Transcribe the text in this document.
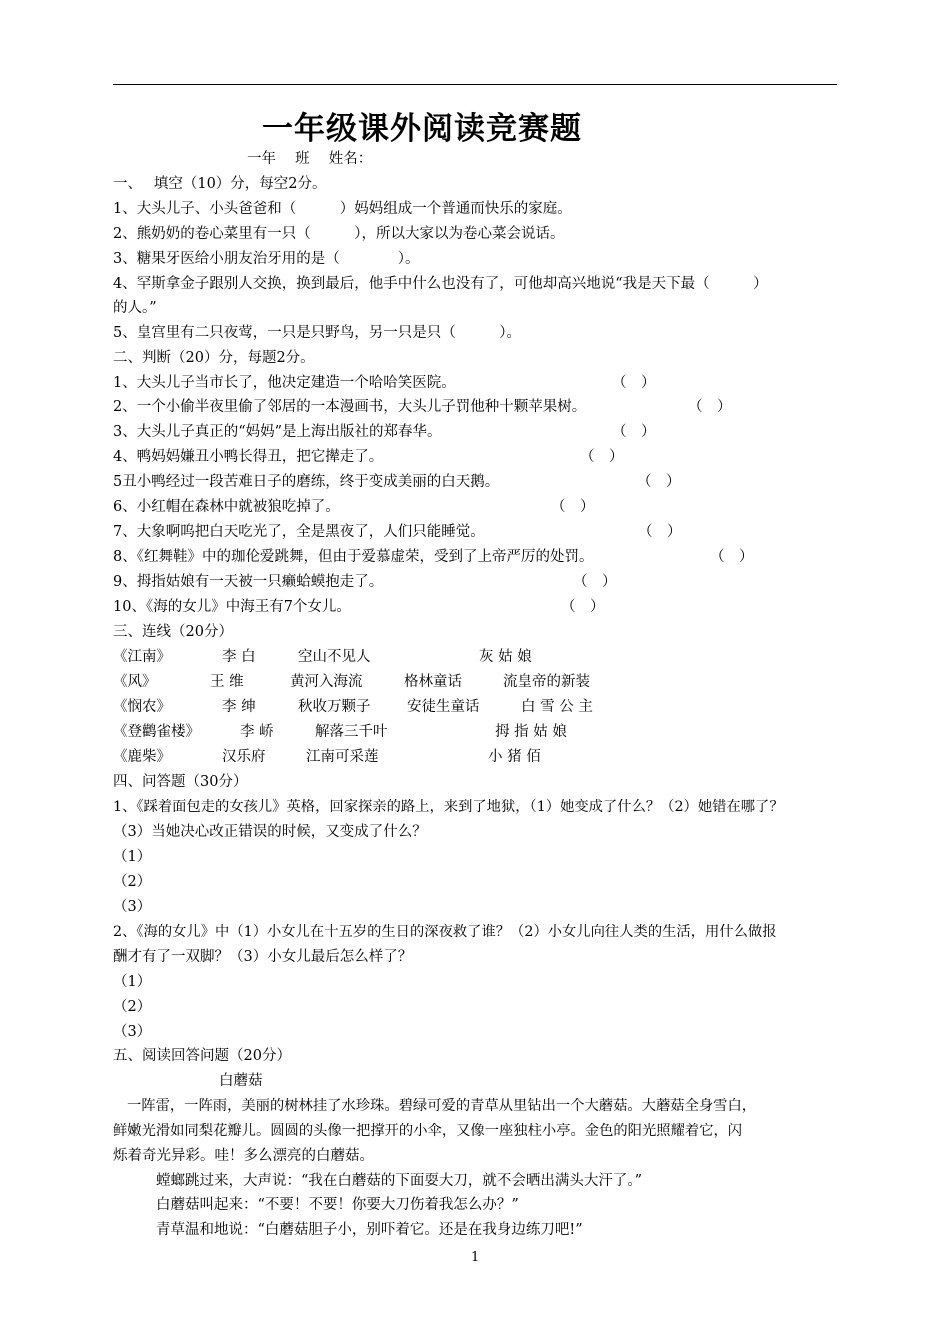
一年级课外阅读竞赛题
一年　 班　 姓名：
一、　 填空（10）分，每空2分。
1、大头儿子、小头爸爸和（　　　）妈妈组成一个普通而快乐的家庭。
2、熊奶奶的卷心菜里有一只（　　　），所以大家以为卷心菜会说话。
3、糖果牙医给小朋友治牙用的是（　　　　）。
4、罕斯拿金子跟别人交换，换到最后，他手中什么也没有了，可他却高兴地说“我是天下最（　　　）
的人。”
5、皇宫里有二只夜莺，一只是只野鸟，另一只是只（　　　）。
二、判断（20）分，每题2分。
1、大头儿子当市长了，他决定建造一个哈哈笑医院。	（　）
2、一个小偷半夜里偷了邻居的一本漫画书，大头儿子罚他种十颗苹果树。	（　）
3、大头儿子真正的“妈妈”是上海出版社的郑春华。	（　）
4、鸭妈妈嫌丑小鸭长得丑，把它撵走了。	（　）
5丑小鸭经过一段苦难日子的磨练，终于变成美丽的白天鹅。	（　）
6、小红帽在森林中就被狼吃掉了。	（　）
7、大象啊呜把白天吃光了，全是黑夜了，人们只能睡觉。	（　）
8、《红舞鞋》中的珈伦爱跳舞，但由于爱慕虚荣，受到了上帝严厉的处罚。	（　）
9、拇指姑娘有一天被一只癞蛤蟆抱走了。	（　）
10、《海的女儿》中海王有7个女儿。	（　）
三、连线（20分）
《江南》	李 白	空山不见人	灰 姑 娘
《风》	王 维	黄河入海流	格林童话	流皇帝的新装
《悯农》	李 绅	秋收万颗子	安徒生童话	白 雪 公 主
《登鹳雀楼》	李 峤	解落三千叶	拇 指 姑 娘
《鹿柴》	汉乐府	江南可采莲	小 猪 佰
四、问答题（30分）
1、《踩着面包走的女孩儿》英格，回家探亲的路上，来到了地狱，（1）她变成了什么？（2）她错在哪了？
（3）当她决心改正错误的时候，又变成了什么？
（1）
（2）
（3）
2、《海的女儿》中（1）小女儿在十五岁的生日的深夜救了谁？（2）小女儿向往人类的生活，用什么做报
酬才有了一双脚？（3）小女儿最后怎么样了？
（1）
（2）
（3）
五、阅读回答问题（20分）
白蘑菇
一阵雷，一阵雨，美丽的树林挂了水珍珠。碧绿可爱的青草从里钻出一个大蘑菇。大蘑菇全身雪白，
鲜嫩光滑如同梨花瓣儿。圆圆的头像一把撑开的小伞，又像一座独柱小亭。金色的阳光照耀着它，闪
烁着奇光异彩。哇！多么漂亮的白蘑菇。
螳螂跳过来，大声说：“我在白蘑菇的下面耍大刀，就不会晒出满头大汗了。”
白蘑菇叫起来：“不要！不要！你要大刀伤着我怎么办？”
青草温和地说：“白蘑菇胆子小，别吓着它。还是在我身边练刀吧!”
1
